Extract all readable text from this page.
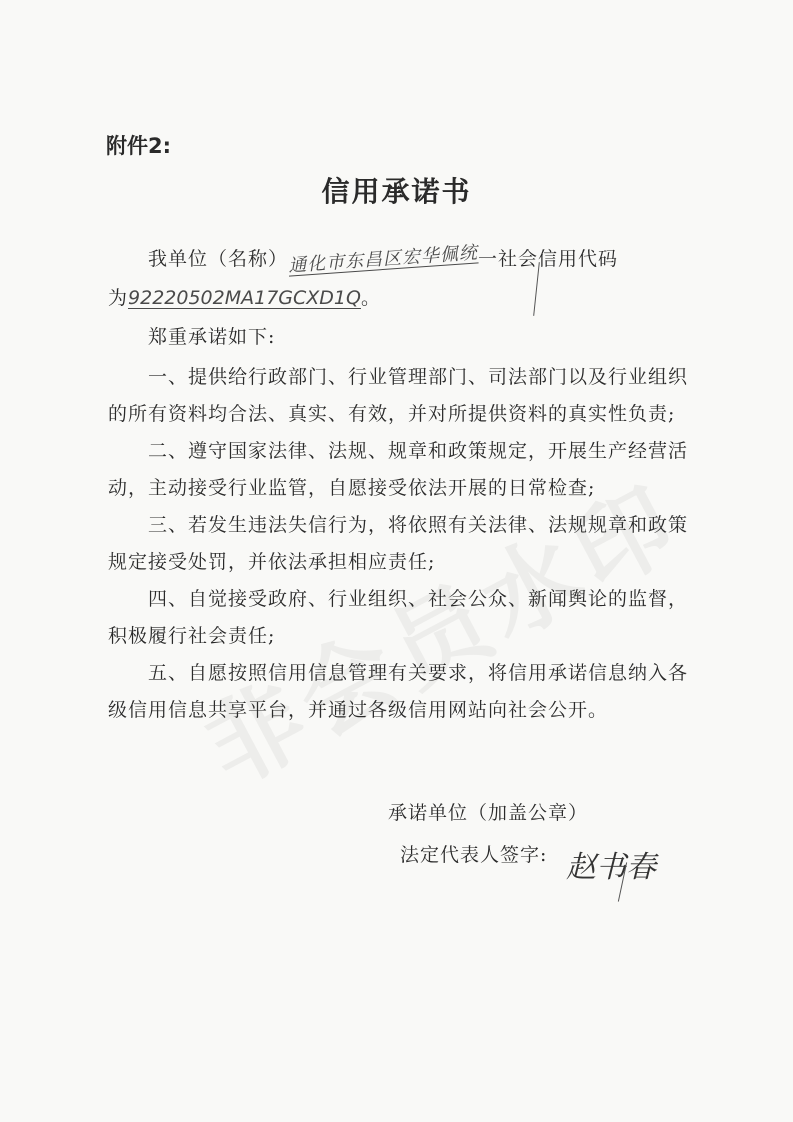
附件2:
信用承诺书
我单位（名称）通化市东昌区宏华佩统一社会信用代码
为92220502MA17GCXD1Q。
郑重承诺如下:
一、提供给行政部门、行业管理部门、司法部门以及行业组织
的所有资料均合法、真实、有效，并对所提供资料的真实性负责;
二、遵守国家法律、法规、规章和政策规定，开展生产经营活
动，主动接受行业监管，自愿接受依法开展的日常检查;
三、若发生违法失信行为，将依照有关法律、法规规章和政策
规定接受处罚，并依法承担相应责任;
四、自觉接受政府、行业组织、社会公众、新闻舆论的监督，
积极履行社会责任;
五、自愿按照信用信息管理有关要求，将信用承诺信息纳入各
级信用信息共享平台，并通过各级信用网站向社会公开。
承诺单位（加盖公章）
法定代表人签字: 赵书春
